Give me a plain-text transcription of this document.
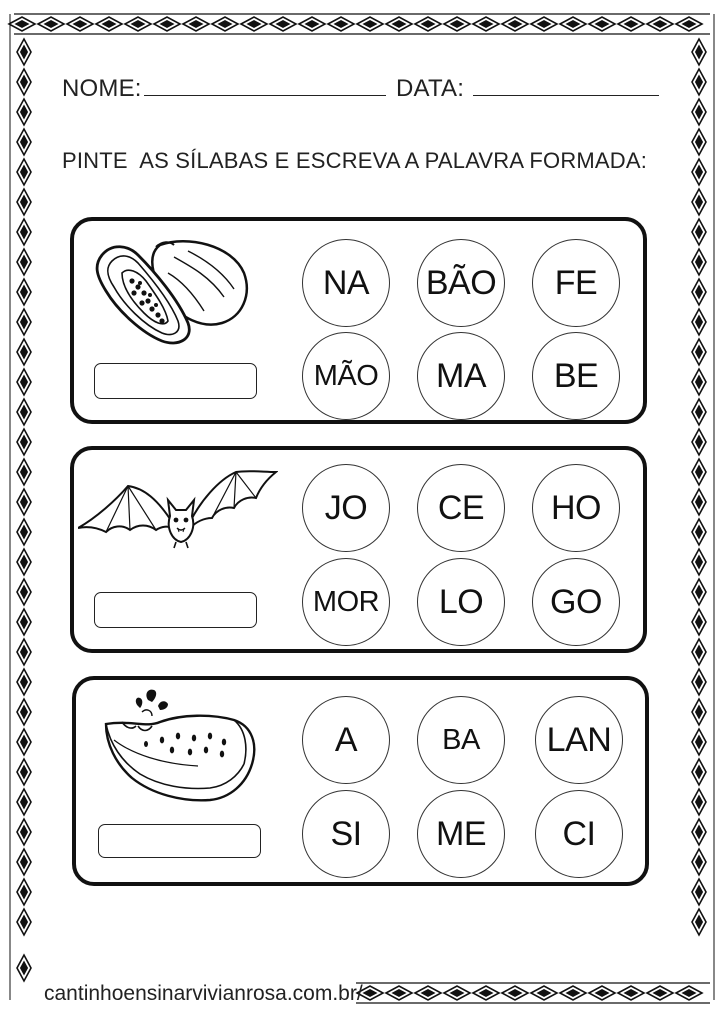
NOME:	DATA:
PINTE  AS SÍLABAS E ESCREVA A PALAVRA FORMADA:
NA	BÃO	FE
MÃO	MA	BE
JO	CE	HO
MOR	LO	GO
A	BA	LAN
SI	ME	CI
cantinhoensinarvivianrosa.com.br/
